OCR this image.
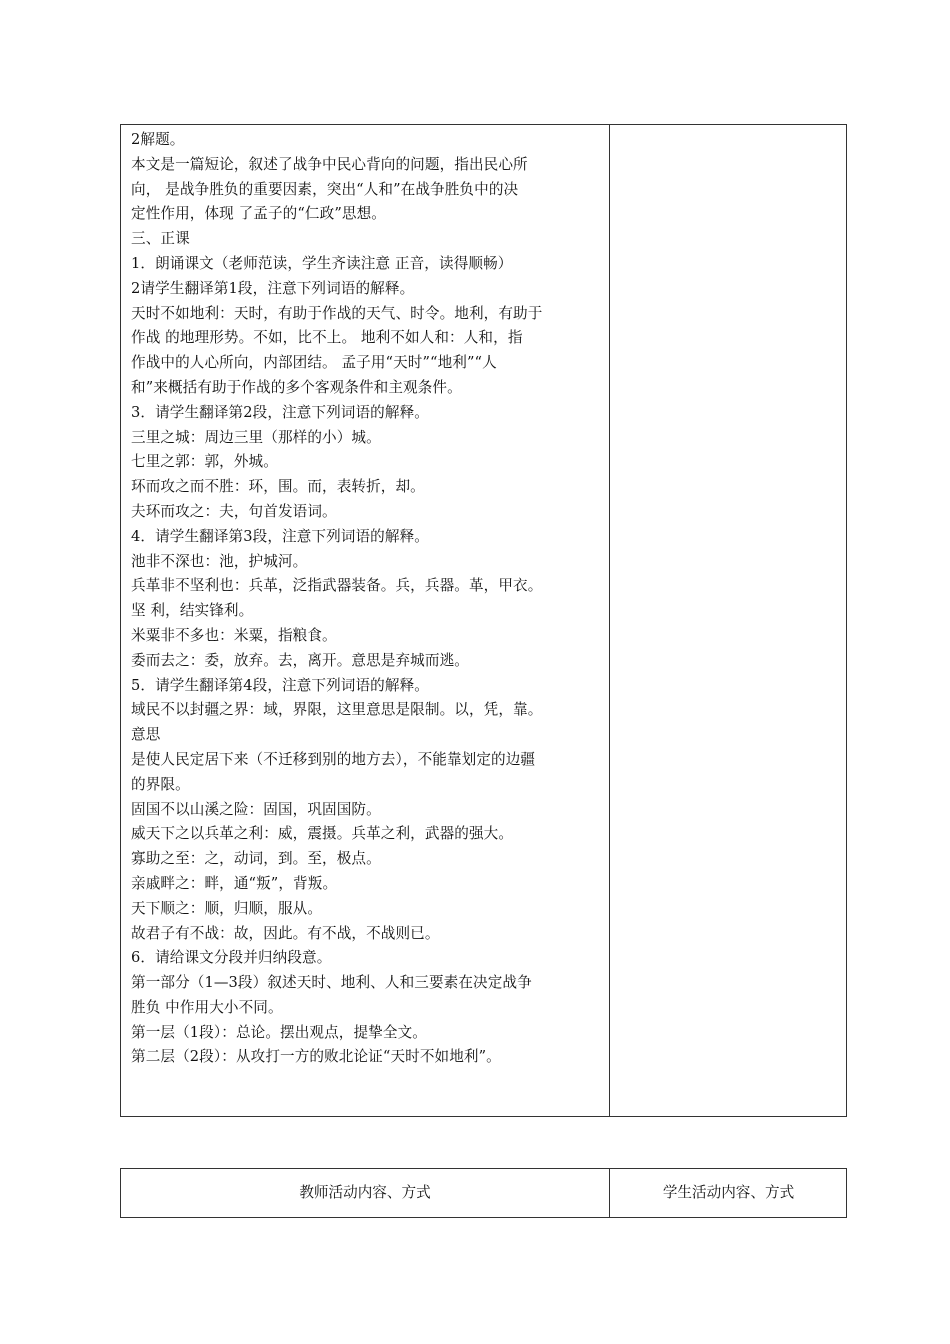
2解题。
本文是一篇短论，叙述了战争中民心背向的问题，指出民心所
向， 是战争胜负的重要因素，突出“人和”在战争胜负中的决
定性作用，体现 了孟子的“仁政”思想。
三、正课
1．朗诵课文（老师范读，学生齐读注意 正音，读得顺畅）
2请学生翻译第1段，注意下列词语的解释。
天时不如地利：天时，有助于作战的天气、时令。地利，有助于
作战 的地理形势。不如，比不上。 地利不如人和：人和，指
作战中的人心所向，内部团结。 孟子用“天时”“地利”“人
和”来概括有助于作战的多个客观条件和主观条件。
3．请学生翻译第2段，注意下列词语的解释。
三里之城：周边三里（那样的小）城。
七里之郭：郭，外城。
环而攻之而不胜：环，围。而，表转折，却。
夫环而攻之：夫，句首发语词。
4．请学生翻译第3段，注意下列词语的解释。
池非不深也：池，护城河。
兵革非不坚利也：兵革，泛指武器装备。兵，兵器。革，甲衣。
坚 利，结实锋利。
米粟非不多也：米粟，指粮食。
委而去之：委，放弃。去，离开。意思是弃城而逃。
5．请学生翻译第4段，注意下列词语的解释。
域民不以封疆之界：域，界限，这里意思是限制。以，凭，靠。
意思
是使人民定居下来（不迁移到别的地方去），不能靠划定的边疆
的界限。
固国不以山溪之险：固国，巩固国防。
威天下之以兵革之利：威，震摄。兵革之利，武器的强大。
寡助之至：之，动词，到。至，极点。
亲戚畔之：畔，通“叛”，背叛。
天下顺之：顺，归顺，服从。
故君子有不战：故，因此。有不战，不战则已。
6．请给课文分段并归纳段意。
第一部分（1—3段）叙述天时、地利、人和三要素在决定战争
胜负 中作用大小不同。
第一层（1段）：总论。摆出观点，提挚全文。
第二层（2段）：从攻打一方的败北论证“天时不如地利”。
教师活动内容、方式	学生活动内容、方式
